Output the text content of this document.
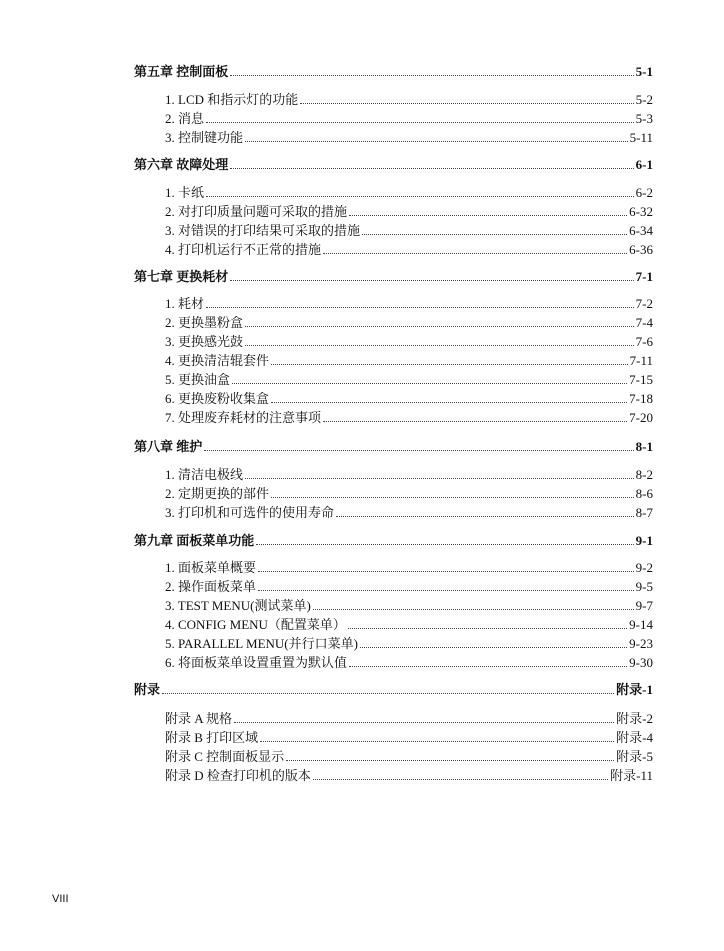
第五章 控制面板	5-1
1. LCD 和指示灯的功能	5-2
2. 消息	5-3
3. 控制键功能	5-11
第六章 故障处理	6-1
1. 卡纸	6-2
2. 对打印质量问题可采取的措施	6-32
3. 对错误的打印结果可采取的措施	6-34
4. 打印机运行不正常的措施	6-36
第七章 更换耗材	7-1
1. 耗材	7-2
2. 更换墨粉盒	7-4
3. 更换感光鼓	7-6
4. 更换清洁辊套件	7-11
5. 更换油盒	7-15
6. 更换废粉收集盒	7-18
7. 处理废弃耗材的注意事项	7-20
第八章 维护	8-1
1. 清洁电极线	8-2
2. 定期更换的部件	8-6
3. 打印机和可选件的使用寿命	8-7
第九章 面板菜单功能	9-1
1. 面板菜单概要	9-2
2. 操作面板菜单	9-5
3. TEST MENU(测试菜单)	9-7
4. CONFIG MENU（配置菜单）	9-14
5. PARALLEL MENU(并行口菜单)	9-23
6. 将面板菜单设置重置为默认值	9-30
附录	附录-1
附录 A 规格	附录-2
附录 B 打印区域	附录-4
附录 C 控制面板显示	附录-5
附录 D 检查打印机的版本	附录-11
VIII
